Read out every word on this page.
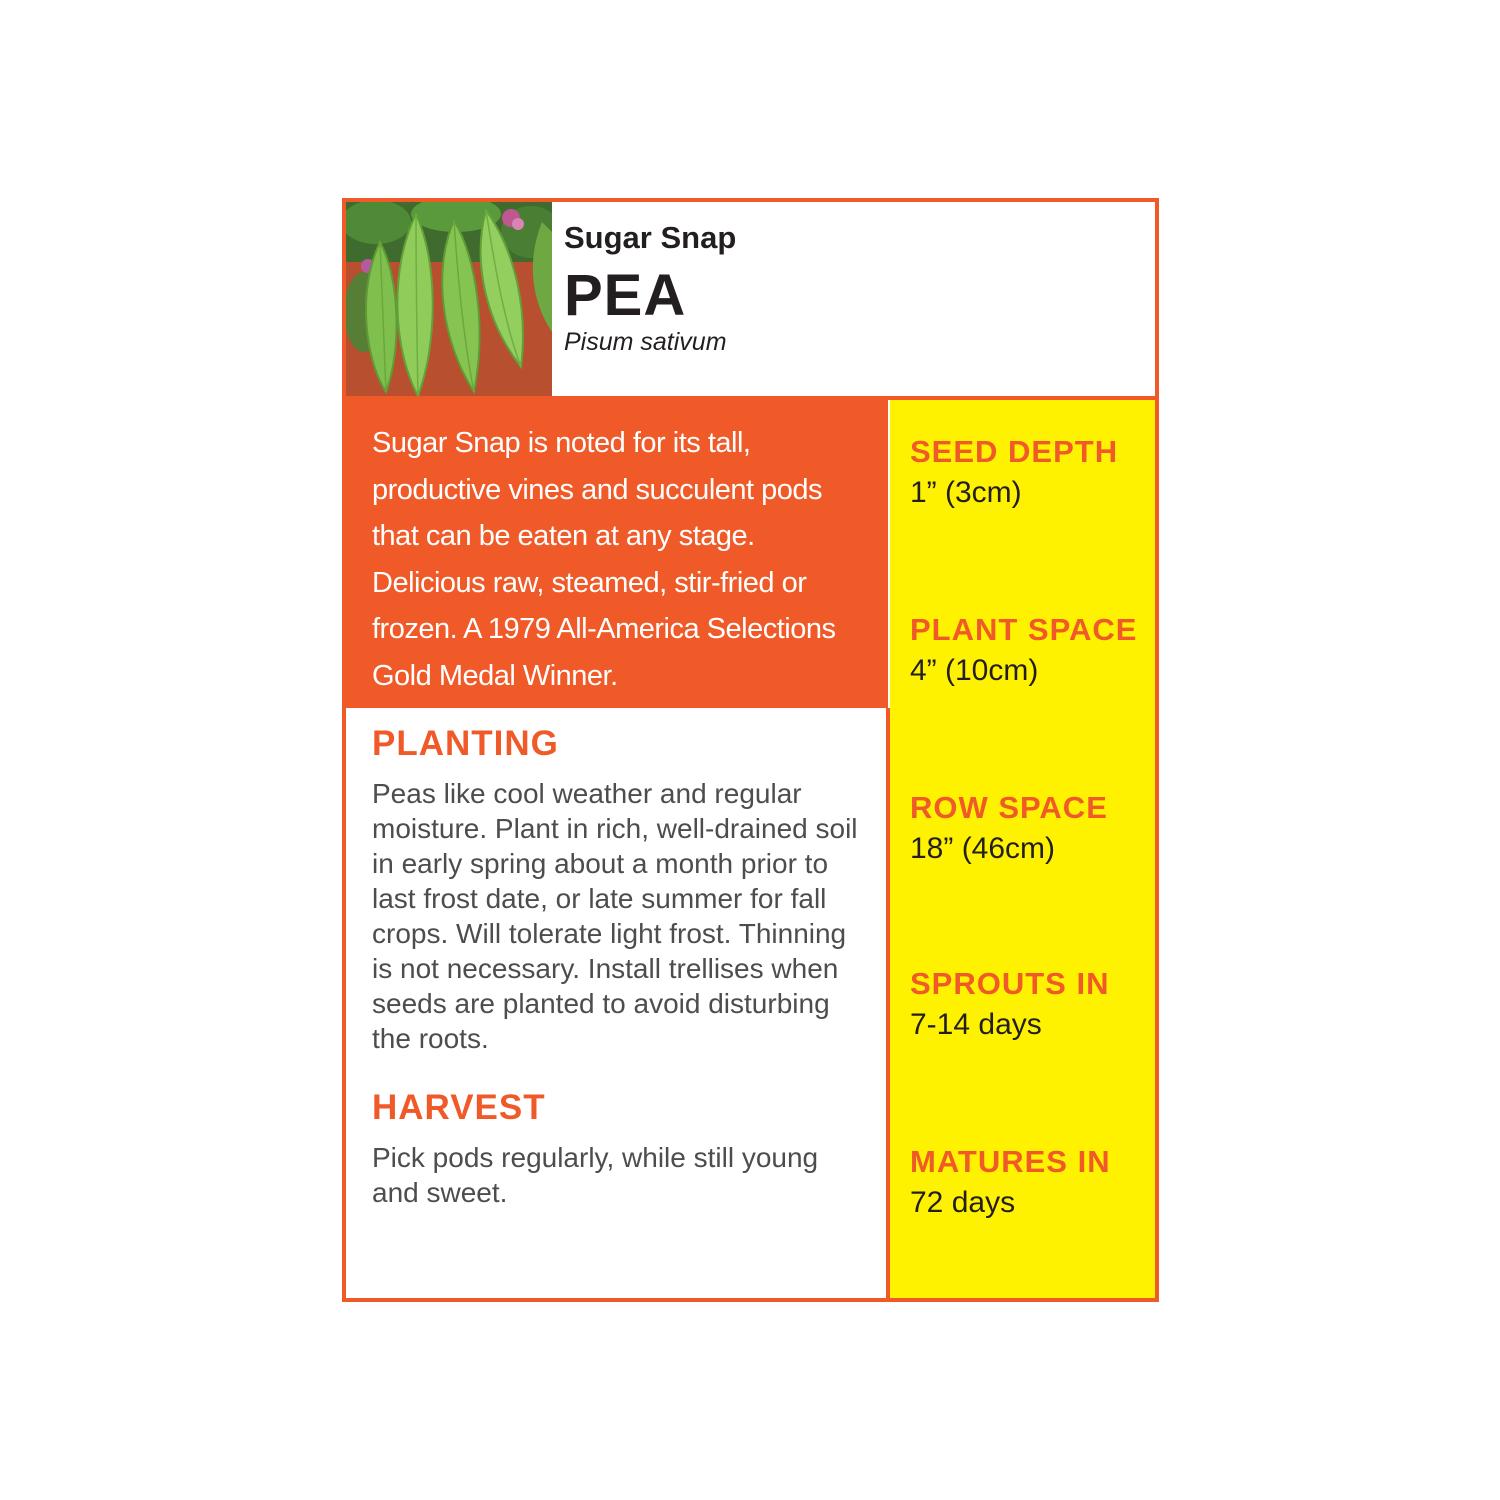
Sugar Snap

PEA

Pisum sativum

Sugar Snap is noted for its tall, productive vines and succulent pods that can be eaten at any stage. Delicious raw, steamed, stir-fried or frozen. A 1979 All-America Selections Gold Medal Winner.

PLANTING

Peas like cool weather and regular moisture. Plant in rich, well-drained soil in early spring about a month prior to last frost date, or late summer for fall crops. Will tolerate light frost. Thinning is not necessary. Install trellises when seeds are planted to avoid disturbing the roots.

HARVEST

Pick pods regularly, while still young and sweet.

SEED DEPTH

1” (3cm)

PLANT SPACE

4” (10cm)

ROW SPACE

18” (46cm)

SPROUTS IN

7-14 days

MATURES IN

72 days
